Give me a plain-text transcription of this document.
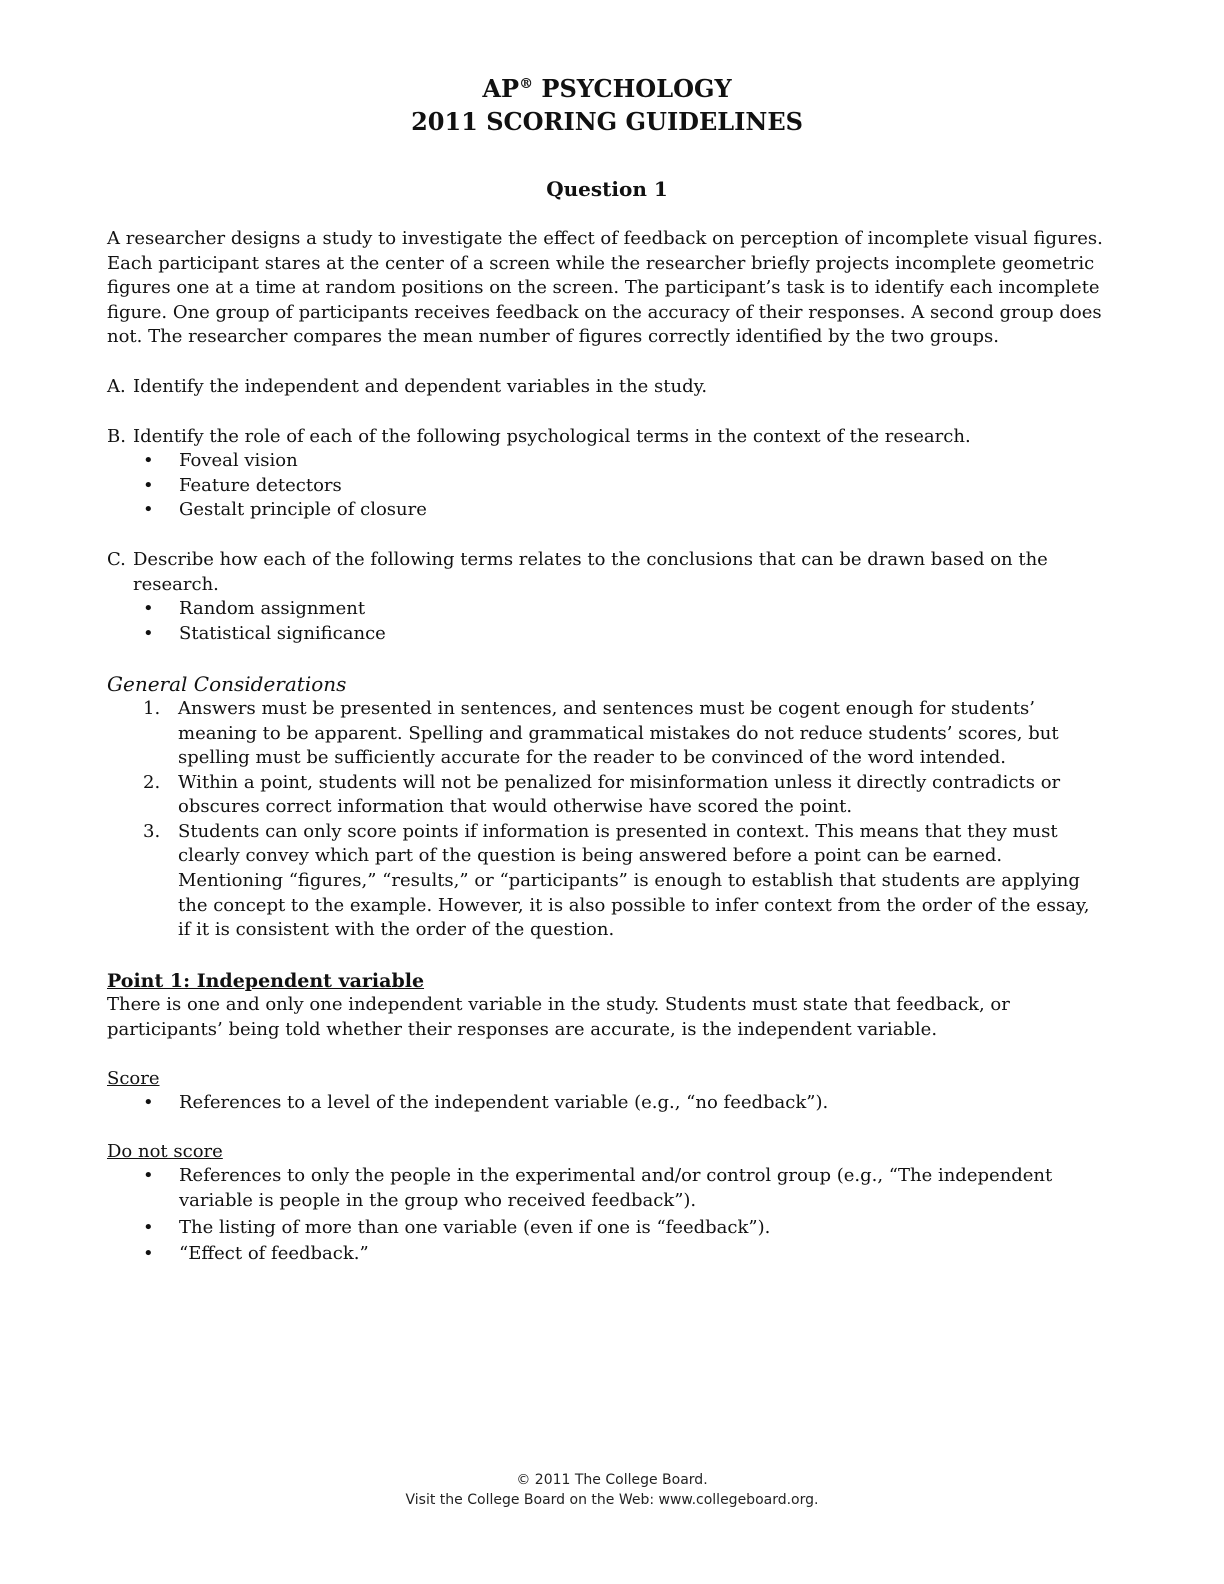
AP® PSYCHOLOGY
2011 SCORING GUIDELINES
Question 1
A researcher designs a study to investigate the effect of feedback on perception of incomplete visual figures. Each participant stares at the center of a screen while the researcher briefly projects incomplete geometric figures one at a time at random positions on the screen. The participant’s task is to identify each incomplete figure. One group of participants receives feedback on the accuracy of their responses. A second group does not. The researcher compares the mean number of figures correctly identified by the two groups.
A. Identify the independent and dependent variables in the study.
B. Identify the role of each of the following psychological terms in the context of the research.
•	Foveal vision
•	Feature detectors
•	Gestalt principle of closure
C. Describe how each of the following terms relates to the conclusions that can be drawn based on the research.
•	Random assignment
•	Statistical significance
General Considerations
1. Answers must be presented in sentences, and sentences must be cogent enough for students’ meaning to be apparent. Spelling and grammatical mistakes do not reduce students’ scores, but spelling must be sufficiently accurate for the reader to be convinced of the word intended.
2. Within a point, students will not be penalized for misinformation unless it directly contradicts or obscures correct information that would otherwise have scored the point.
3. Students can only score points if information is presented in context. This means that they must clearly convey which part of the question is being answered before a point can be earned. Mentioning “figures,” “results,” or “participants” is enough to establish that students are applying the concept to the example. However, it is also possible to infer context from the order of the essay, if it is consistent with the order of the question.
Point 1: Independent variable
There is one and only one independent variable in the study. Students must state that feedback, or participants’ being told whether their responses are accurate, is the independent variable.
Score
•	References to a level of the independent variable (e.g., “no feedback”).
Do not score
•	References to only the people in the experimental and/or control group (e.g., “The independent variable is people in the group who received feedback”).
•	The listing of more than one variable (even if one is “feedback”).
•	“Effect of feedback.”
© 2011 The College Board.
Visit the College Board on the Web: www.collegeboard.org.
